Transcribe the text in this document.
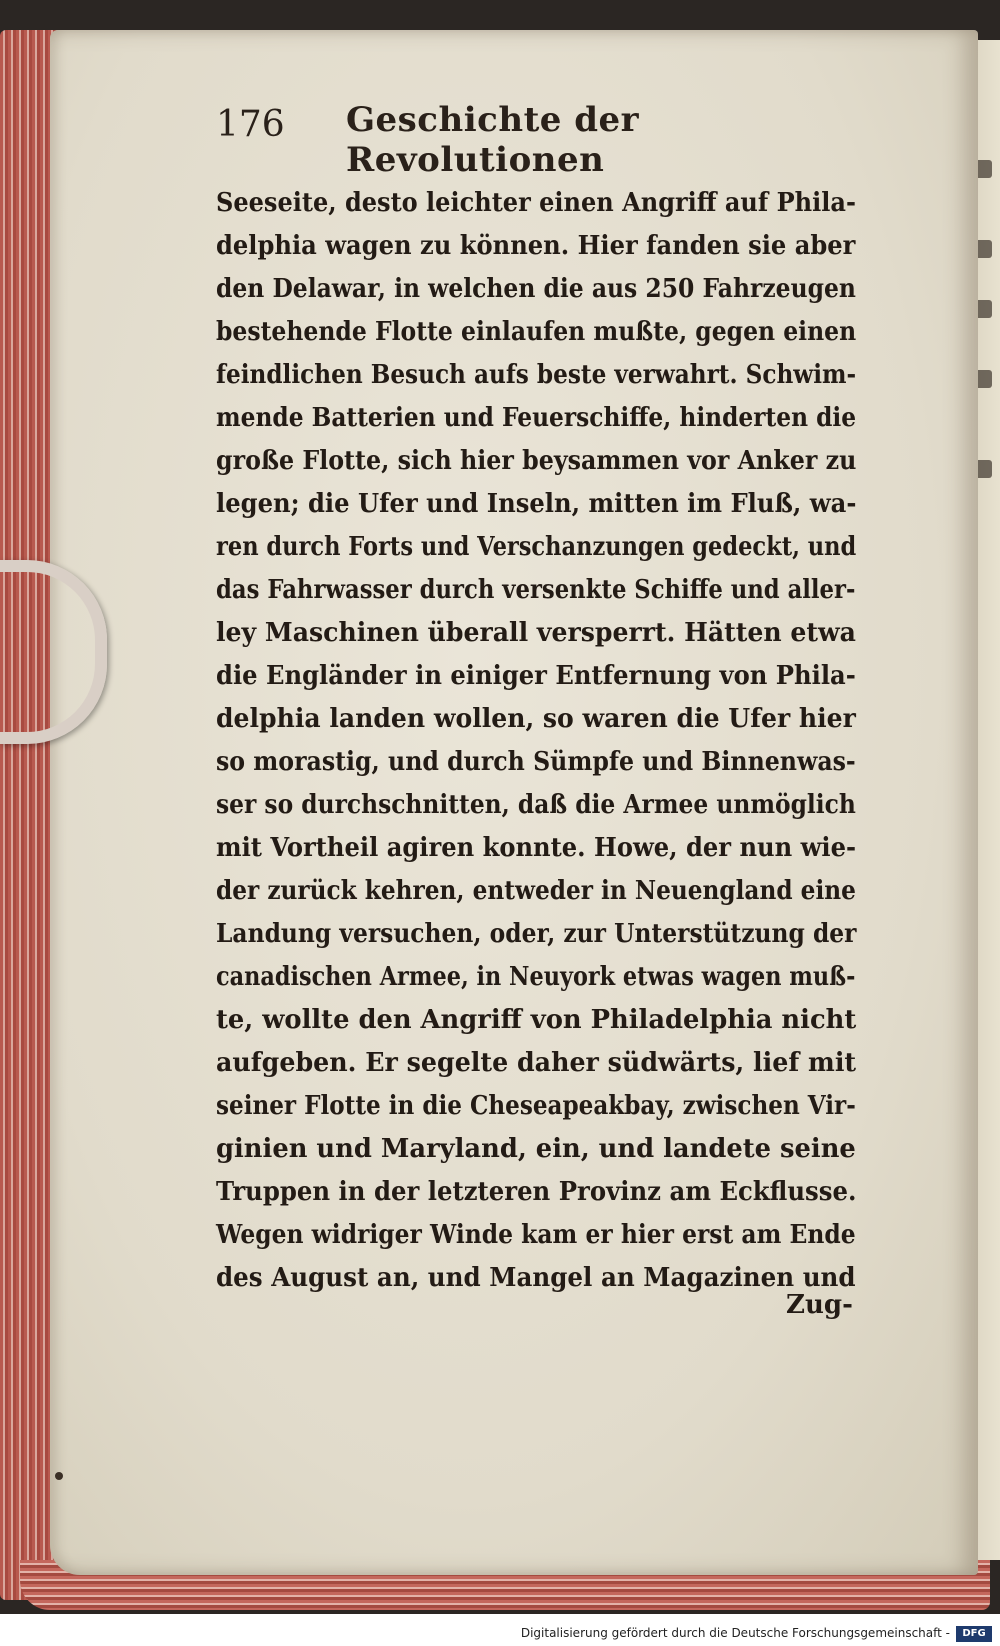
176 Geschichte der Revolutionen
Seeseite, desto leichter einen Angriff auf Phila-
delphia wagen zu können. Hier fanden sie aber
den Delawar, in welchen die aus 250 Fahrzeugen
bestehende Flotte einlaufen mußte, gegen einen
feindlichen Besuch aufs beste verwahrt. Schwim-
mende Batterien und Feuerschiffe, hinderten die
große Flotte, sich hier beysammen vor Anker zu
legen; die Ufer und Inseln, mitten im Fluß, wa-
ren durch Forts und Verschanzungen gedeckt, und
das Fahrwasser durch versenkte Schiffe und aller-
ley Maschinen überall versperrt. Hätten etwa
die Engländer in einiger Entfernung von Phila-
delphia landen wollen, so waren die Ufer hier
so morastig, und durch Sümpfe und Binnenwas-
ser so durchschnitten, daß die Armee unmöglich
mit Vortheil agiren konnte. Howe, der nun wie-
der zurück kehren, entweder in Neuengland eine
Landung versuchen, oder, zur Unterstützung der
canadischen Armee, in Neuyork etwas wagen muß-
te, wollte den Angriff von Philadelphia nicht
aufgeben. Er segelte daher südwärts, lief mit
seiner Flotte in die Cheseapeakbay, zwischen Vir-
ginien und Maryland, ein, und landete seine
Truppen in der letzteren Provinz am Eckflusse.
Wegen widriger Winde kam er hier erst am Ende
des August an, und Mangel an Magazinen und
Zug-
Digitalisierung gefördert durch die Deutsche Forschungsgemeinschaft -	DFG
